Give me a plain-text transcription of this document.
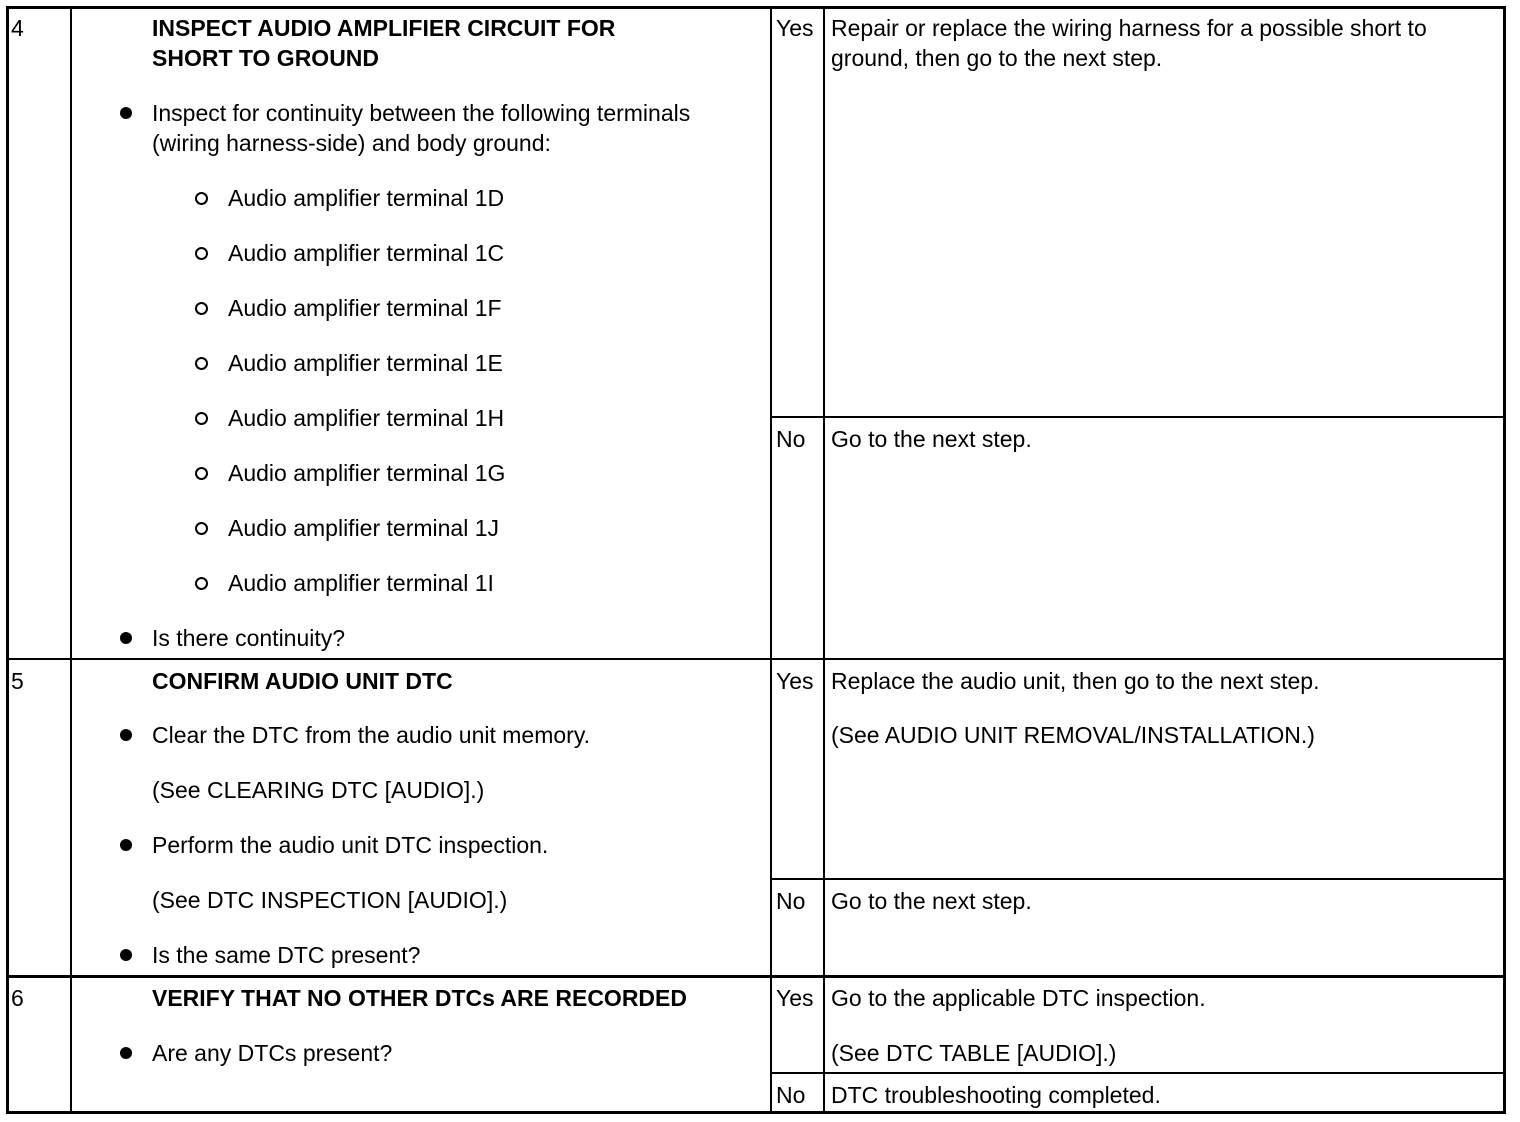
4	INSPECT AUDIO AMPLIFIER CIRCUIT FOR
SHORT TO GROUND
Inspect for continuity between the following terminals
(wiring harness-side) and body ground:
Audio amplifier terminal 1D
Audio amplifier terminal 1C
Audio amplifier terminal 1F
Audio amplifier terminal 1E
Audio amplifier terminal 1H
Audio amplifier terminal 1G
Audio amplifier terminal 1J
Audio amplifier terminal 1I
Is there continuity?
Yes Repair or replace the wiring harness for a possible short to
ground, then go to the next step.
No Go to the next step.
5	CONFIRM AUDIO UNIT DTC
Clear the DTC from the audio unit memory.
(See CLEARING DTC [AUDIO].)
Perform the audio unit DTC inspection.
(See DTC INSPECTION [AUDIO].)
Is the same DTC present?
Yes Replace the audio unit, then go to the next step.
(See AUDIO UNIT REMOVAL/INSTALLATION.)
No Go to the next step.
6	VERIFY THAT NO OTHER DTCs ARE RECORDED
Are any DTCs present?
Yes Go to the applicable DTC inspection.
(See DTC TABLE [AUDIO].)
No DTC troubleshooting completed.
